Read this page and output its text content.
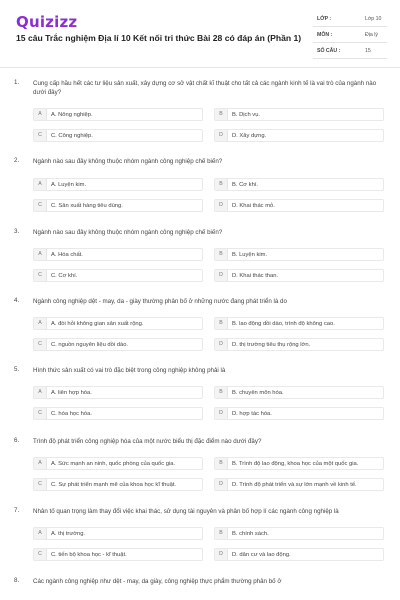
Quizizz
15 câu Trắc nghiệm Địa lí 10 Kết nối tri thức Bài 28 có đáp án (Phần 1)
LỚP :	Lớp 10
MÔN :	Địa lý
SỐ CÂU :	15
1. Cung cấp hầu hết các tư liệu sản xuất, xây dựng cơ sở vật chất kĩ thuật cho tất cả các ngành kinh tế là vai trò của ngành nào dưới đây?
A	A. Nông nghiệp.	B	B. Dịch vụ.
C	C. Công nghiệp.	D	D. Xây dựng.
2. Ngành nào sau đây không thuộc nhóm ngành công nghiệp chế biến?
A	A. Luyện kim.	B	B. Cơ khí.
C	C. Sản xuất hàng tiêu dùng.	D	D. Khai thác mỏ.
3. Ngành nào sau đây không thuộc nhóm ngành công nghiệp chế biến?
A	A. Hóa chất.	B	B. Luyện kim.
C	C. Cơ khí.	D	D. Khai thác than.
4. Ngành công nghiệp dệt - may, da - giày thường phân bố ở những nước đang phát triển là do
A	A. đòi hỏi không gian sản xuất rộng.	B	B. lao động dồi dào, trình độ không cao.
C	C. nguồn nguyên liệu dồi dào.	D	D. thị trường tiêu thụ rộng lớn.
5. Hình thức sản xuất có vai trò đặc biệt trong công nghiệp không phải là
A	A. liên hợp hóa.	B	B. chuyên môn hóa.
C	C. hóa học hóa.	D	D. hợp tác hóa.
6. Trình độ phát triển công nghiệp hóa của một nước biểu thị đặc điểm nào dưới đây?
A	A. Sức mạnh an ninh, quốc phòng của quốc gia.	B	B. Trình độ lao động, khoa học của một quốc gia.
C	C. Sự phát triển mạnh mẽ của khoa học kĩ thuật.	D	D. Trình độ phát triển và sự lớn mạnh về kinh tế.
7. Nhân tố quan trọng làm thay đổi việc khai thác, sử dụng tài nguyên và phân bố hợp lí các ngành công nghiệp là
A	A. thị trường.	B	B. chính sách.
C	C. tiến bộ khoa học - kĩ thuật.	D	D. dân cư và lao động.
8. Các ngành công nghiệp như dệt - may, da giày, công nghiệp thực phẩm thường phân bố ở
